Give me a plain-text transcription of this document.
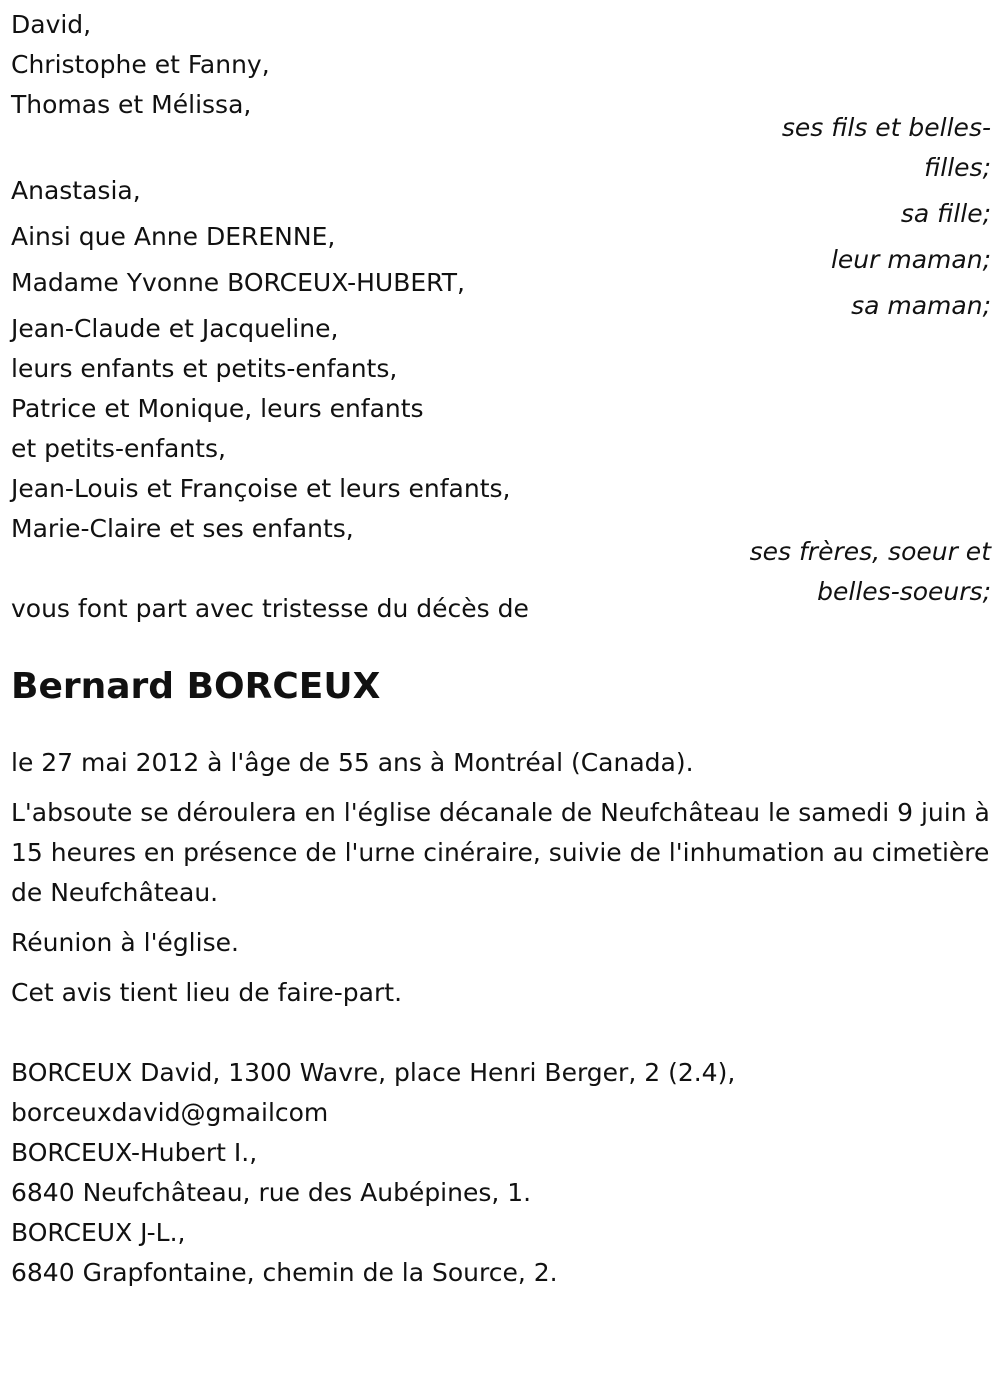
David,
Christophe et Fanny,
Thomas et Mélissa,
ses fils et belles-
filles;
Anastasia,
sa fille;
Ainsi que Anne DERENNE,
leur maman;
Madame Yvonne BORCEUX-HUBERT,
sa maman;
Jean-Claude et Jacqueline,
leurs enfants et petits-enfants,
Patrice et Monique, leurs enfants
et petits-enfants,
Jean-Louis et Françoise et leurs enfants,
Marie-Claire et ses enfants,
ses frères, soeur et
belles-soeurs;
vous font part avec tristesse du décès de
Bernard BORCEUX
le 27 mai 2012 à l'âge de 55 ans à Montréal (Canada).
L'absoute se déroulera en l'église décanale de Neufchâteau le samedi 9 juin à 15 heures en présence de l'urne cinéraire, suivie de l'inhumation au cimetière de Neufchâteau.
Réunion à l'église.
Cet avis tient lieu de faire-part.
BORCEUX David, 1300 Wavre, place Henri Berger, 2 (2.4),
borceuxdavid@gmailcom
BORCEUX-Hubert I.,
6840 Neufchâteau, rue des Aubépines, 1.
BORCEUX J-L.,
6840 Grapfontaine, chemin de la Source, 2.
